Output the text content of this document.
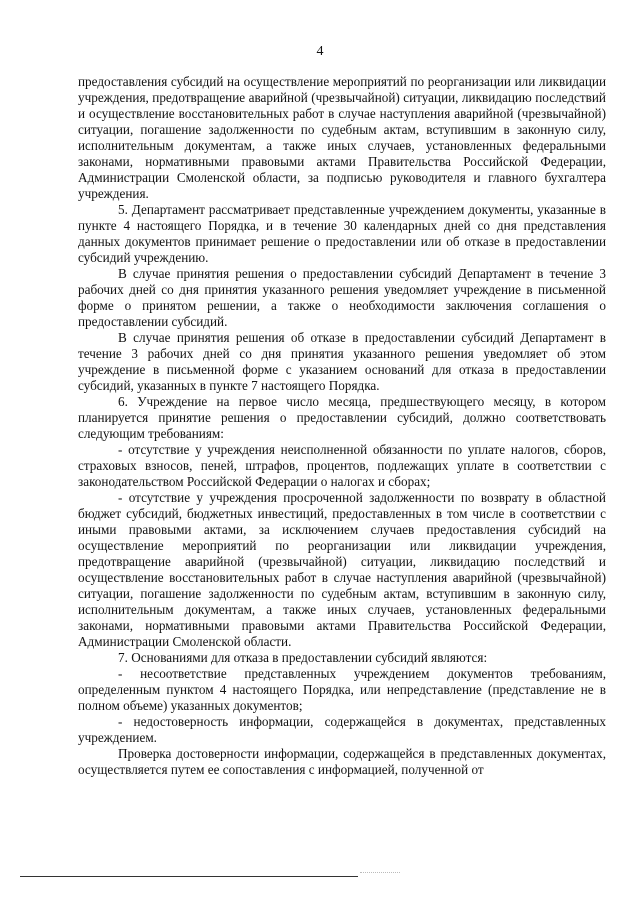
4

предоставления субсидий на осуществление мероприятий по реорганизации или ликвидации учреждения, предотвращение аварийной (чрезвычайной) ситуации, ликвидацию последствий и осуществление восстановительных работ в случае наступления аварийной (чрезвычайной) ситуации, погашение задолженности по судебным актам, вступившим в законную силу, исполнительным документам, а также иных случаев, установленных федеральными законами, нормативными правовыми актами Правительства Российской Федерации, Администрации Смоленской области, за подписью руководителя и главного бухгалтера учреждения.

5. Департамент рассматривает представленные учреждением документы, указанные в пункте 4 настоящего Порядка, и в течение 30 календарных дней со дня представления данных документов принимает решение о предоставлении или об отказе в предоставлении субсидий учреждению.

В случае принятия решения о предоставлении субсидий Департамент в течение 3 рабочих дней со дня принятия указанного решения уведомляет учреждение в письменной форме о принятом решении, а также о необходимости заключения соглашения о предоставлении субсидий.

В случае принятия решения об отказе в предоставлении субсидий Департамент в течение 3 рабочих дней со дня принятия указанного решения уведомляет об этом учреждение в письменной форме с указанием оснований для отказа в предоставлении субсидий, указанных в пункте 7 настоящего Порядка.

6. Учреждение на первое число месяца, предшествующего месяцу, в котором планируется принятие решения о предоставлении субсидий, должно соответствовать следующим требованиям:

- отсутствие у учреждения неисполненной обязанности по уплате налогов, сборов, страховых взносов, пеней, штрафов, процентов, подлежащих уплате в соответствии с законодательством Российской Федерации о налогах и сборах;

- отсутствие у учреждения просроченной задолженности по возврату в областной бюджет субсидий, бюджетных инвестиций, предоставленных в том числе в соответствии с иными правовыми актами, за исключением случаев предоставления субсидий на осуществление мероприятий по реорганизации или ликвидации учреждения, предотвращение аварийной (чрезвычайной) ситуации, ликвидацию последствий и осуществление восстановительных работ в случае наступления аварийной (чрезвычайной) ситуации, погашение задолженности по судебным актам, вступившим в законную силу, исполнительным документам, а также иных случаев, установленных федеральными законами, нормативными правовыми актами Правительства Российской Федерации, Администрации Смоленской области.

7. Основаниями для отказа в предоставлении субсидий являются:

- несоответствие представленных учреждением документов требованиям, определенным пунктом 4 настоящего Порядка, или непредставление (представление не в полном объеме) указанных документов;

- недостоверность информации, содержащейся в документах, представленных учреждением.

Проверка достоверности информации, содержащейся в представленных документах, осуществляется путем ее сопоставления с информацией, полученной от
